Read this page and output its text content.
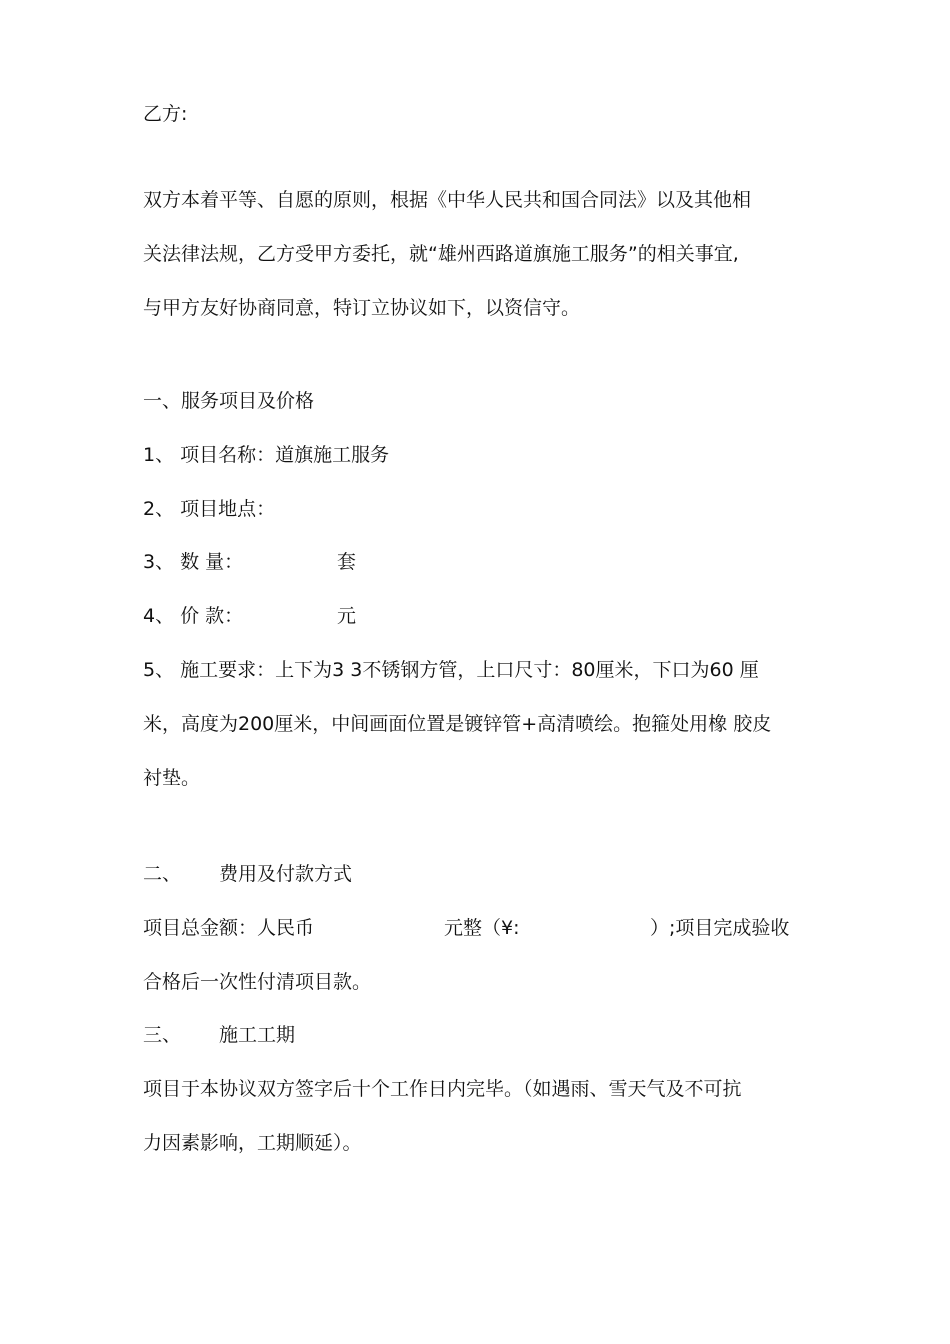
乙方:
双方本着平等、自愿的原则，根据《中华人民共和国合同法》以及其他相
关法律法规，乙方受甲方委托，就“雄州西路道旗施工服务”的相关事宜,
与甲方友好协商同意，特订立协议如下，以资信守。
一、服务项目及价格
1、 项目名称：道旗施工服务
2、 项目地点：
3、 数 量：	套
4、 价 款：	元
5、 施工要求：上下为3 3不锈钢方管，上口尺寸：80厘米，下口为60 厘
米，高度为200厘米，中间画面位置是镀锌管+高清喷绘。抱箍处用橡 胶皮
衬垫。
二、 费用及付款方式
项目总金额：人民币	元整（¥:	）;项目完成验收
合格后一次性付清项目款。
三、 施工工期
项目于本协议双方签字后十个工作日内完毕。（如遇雨、雪天气及不可抗
力因素影响，工期顺延）。
